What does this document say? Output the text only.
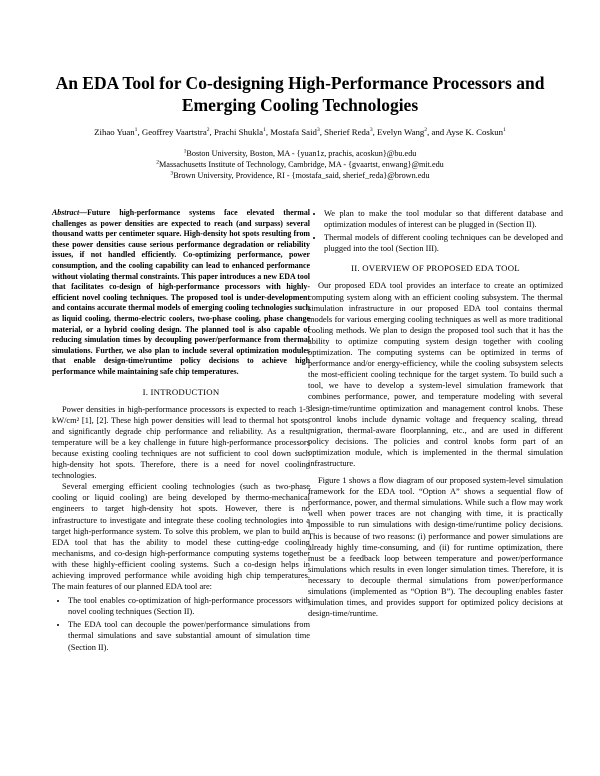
An EDA Tool for Co-designing High-Performance Processors and Emerging Cooling Technologies
Zihao Yuan$^1$, Geoffrey Vaartstra$^2$, Prachi Shukla$^1$, Mostafa Said$^3$, Sherief Reda$^3$, Evelyn Wang$^2$, and Ayse K. Coskun$^1$
$^1$Boston University, Boston, MA - {yuan1z, prachis, acoskun}@bu.edu
$^2$Massachusetts Institute of Technology, Cambridge, MA - {gvaartst, enwang}@mit.edu
$^3$Brown University, Providence, RI - {mostafa_said, sherief_reda}@brown.edu
Abstract—Future high-performance systems face elevated thermal challenges as power densities are expected to reach (and surpass) several thousand watts per centimeter square. High-density hot spots resulting from these power densities cause serious performance degradation or reliability issues, if not handled efficiently. Co-optimizing performance, power consumption, and the cooling capability can lead to enhanced performance without violating thermal constraints. This paper introduces a new EDA tool that facilitates co-design of high-performance processors with highly-efficient novel cooling techniques. The proposed tool is under-development and contains accurate thermal models of emerging cooling technologies such as liquid cooling, thermo-electric coolers, two-phase cooling, phase change material, or a hybrid cooling design. The planned tool is also capable of reducing simulation times by decoupling power/performance from thermal simulations. Further, we also plan to include several optimization modules that enable design-time/runtime policy decisions to achieve high performance while maintaining safe chip temperatures.
I. INTRODUCTION

Power densities in high-performance processors is expected to reach 1-5 kW/cm² [1], [2]. These high power densities will lead to thermal hot spots, and significantly degrade chip performance and reliability. As a result, temperature will be a key challenge in future high-performance processors because existing cooling techniques are not sufficient to cool down such high-density hot spots. Therefore, there is a need for novel cooling technologies.

Several emerging efficient cooling technologies (such as two-phase cooling or liquid cooling) are being developed by thermo-mechanical engineers to target high-density hot spots. However, there is no infrastructure to investigate and integrate these cooling technologies into a target high-performance system. To solve this problem, we plan to build an EDA tool that has the ability to model these cutting-edge cooling mechanisms, and co-design high-performance computing systems together with these highly-efficient cooling systems. Such a co-design helps in achieving improved performance while avoiding high chip temperatures. The main features of our planned EDA tool are:

• The tool enables co-optimization of high-performance processors with novel cooling techniques (Section II).
• The EDA tool can decouple the power/performance simulations from thermal simulations and save substantial amount of simulation time (Section II).
• We plan to make the tool modular so that different database and optimization modules of interest can be plugged in (Section II).
• Thermal models of different cooling techniques can be developed and plugged into the tool (Section III).
II. OVERVIEW OF PROPOSED EDA TOOL

Our proposed EDA tool provides an interface to create an optimized computing system along with an efficient cooling subsystem. The thermal simulation infrastructure in our proposed EDA tool contains thermal models for various emerging cooling techniques as well as more traditional cooling methods. We plan to design the proposed tool such that it has the ability to optimize computing system design together with cooling optimization. The computing systems can be optimized in terms of performance and/or energy-efficiency, while the cooling subsystem selects the most-efficient cooling technique for the target system. To build such a tool, we have to develop a system-level simulation framework that combines performance, power, and temperature modeling with several design-time/runtime optimization and management control knobs. These control knobs include dynamic voltage and frequency scaling, thread migration, thermal-aware floorplanning, etc., and are used in different policy decisions. The policies and control knobs form part of an optimization module, which is implemented in the thermal simulation infrastructure.

Figure 1 shows a flow diagram of our proposed system-level simulation framework for the EDA tool. “Option A” shows a sequential flow of performance, power, and thermal simulations. While such a flow may work well when power traces are not changing with time, it is practically impossible to run simulations with design-time/runtime policy decisions. This is because of two reasons: (i) performance and power simulations are already highly time-consuming, and (ii) for runtime optimization, there must be a feedback loop between temperature and power/performance simulations which results in even longer simulation times. Therefore, it is necessary to decouple thermal simulations from power/performance simulations (implemented as “Option B”). The decoupling enables faster simulation times, and provides support for optimized policy decisions at design-time/runtime.
